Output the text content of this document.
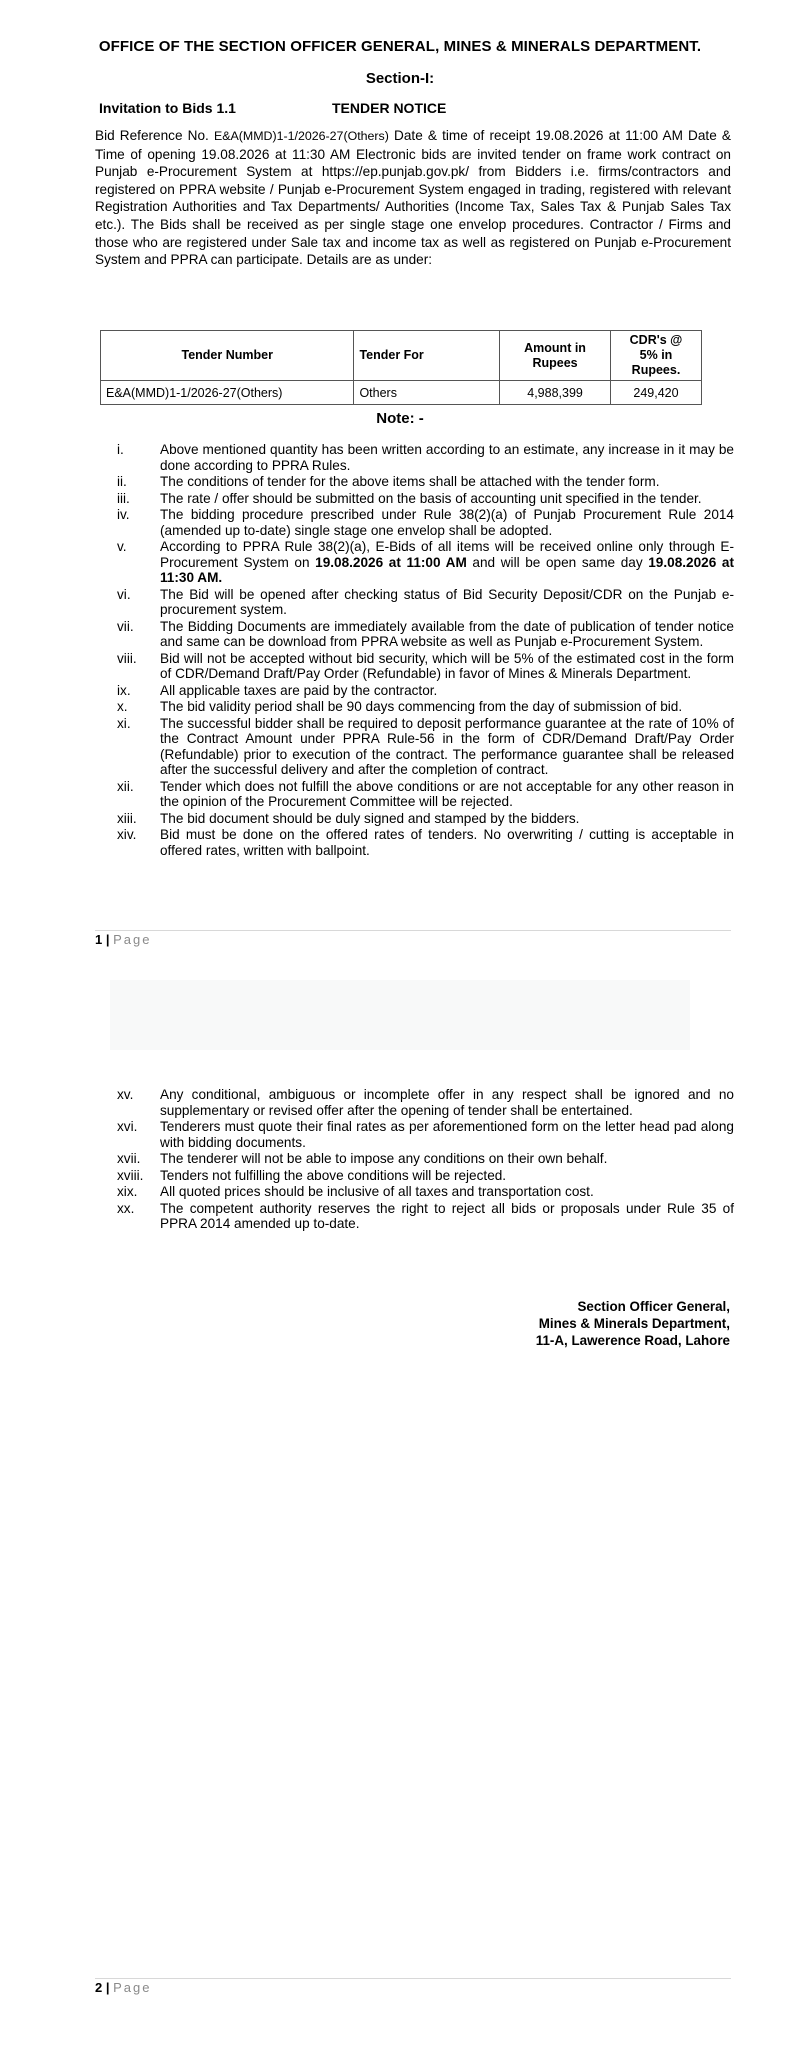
OFFICE OF THE SECTION OFFICER GENERAL, MINES & MINERALS DEPARTMENT.
Section-I:
Invitation to Bids 1.1	TENDER NOTICE
Bid Reference No. E&A(MMD)1-1/2026-27(Others) Date & time of receipt 19.08.2026 at 11:00 AM Date & Time of opening 19.08.2026 at 11:30 AM Electronic bids are invited tender on frame work contract on Punjab e-Procurement System at https://ep.punjab.gov.pk/ from Bidders i.e. firms/contractors and registered on PPRA website / Punjab e-Procurement System engaged in trading, registered with relevant Registration Authorities and Tax Departments/ Authorities (Income Tax, Sales Tax & Punjab Sales Tax etc.). The Bids shall be received as per single stage one envelop procedures. Contractor / Firms and those who are registered under Sale tax and income tax as well as registered on Punjab e-Procurement System and PPRA can participate. Details are as under:
Tender Number	Tender For	Amount in Rupees	CDR's @ 5% in Rupees.
E&A(MMD)1-1/2026-27(Others)	Others	4,988,399	249,420
Note: -
i.	Above mentioned quantity has been written according to an estimate, any increase in it may be done according to PPRA Rules.
ii. The conditions of tender for the above items shall be attached with the tender form.
iii. The rate / offer should be submitted on the basis of accounting unit specified in the tender.
iv. The bidding procedure prescribed under Rule 38(2)(a) of Punjab Procurement Rule 2014 (amended up to-date) single stage one envelop shall be adopted.
v. According to PPRA Rule 38(2)(a), E-Bids of all items will be received online only through E-Procurement System on 19.08.2026 at 11:00 AM and will be open same day 19.08.2026 at 11:30 AM.
vi. The Bid will be opened after checking status of Bid Security Deposit/CDR on the Punjab e-procurement system.
vii. The Bidding Documents are immediately available from the date of publication of tender notice and same can be download from PPRA website as well as Punjab e-Procurement System.
viii. Bid will not be accepted without bid security, which will be 5% of the estimated cost in the form of CDR/Demand Draft/Pay Order (Refundable) in favor of Mines & Minerals Department.
ix. All applicable taxes are paid by the contractor.
x. The bid validity period shall be 90 days commencing from the day of submission of bid.
xi. The successful bidder shall be required to deposit performance guarantee at the rate of 10% of the Contract Amount under PPRA Rule-56 in the form of CDR/Demand Draft/Pay Order (Refundable) prior to execution of the contract. The performance guarantee shall be released after the successful delivery and after the completion of contract.
xii. Tender which does not fulfill the above conditions or are not acceptable for any other reason in the opinion of the Procurement Committee will be rejected.
xiii. The bid document should be duly signed and stamped by the bidders.
xiv. Bid must be done on the offered rates of tenders. No overwriting / cutting is acceptable in offered rates, written with ballpoint.
1 | Page
xv. Any conditional, ambiguous or incomplete offer in any respect shall be ignored and no supplementary or revised offer after the opening of tender shall be entertained.
xvi. Tenderers must quote their final rates as per aforementioned form on the letter head pad along with bidding documents.
xvii. The tenderer will not be able to impose any conditions on their own behalf.
xviii. Tenders not fulfilling the above conditions will be rejected.
xix. All quoted prices should be inclusive of all taxes and transportation cost.
xx. The competent authority reserves the right to reject all bids or proposals under Rule 35 of PPRA 2014 amended up to-date.
Section Officer General,
Mines & Minerals Department,
11-A, Lawerence Road, Lahore
2 | Page
